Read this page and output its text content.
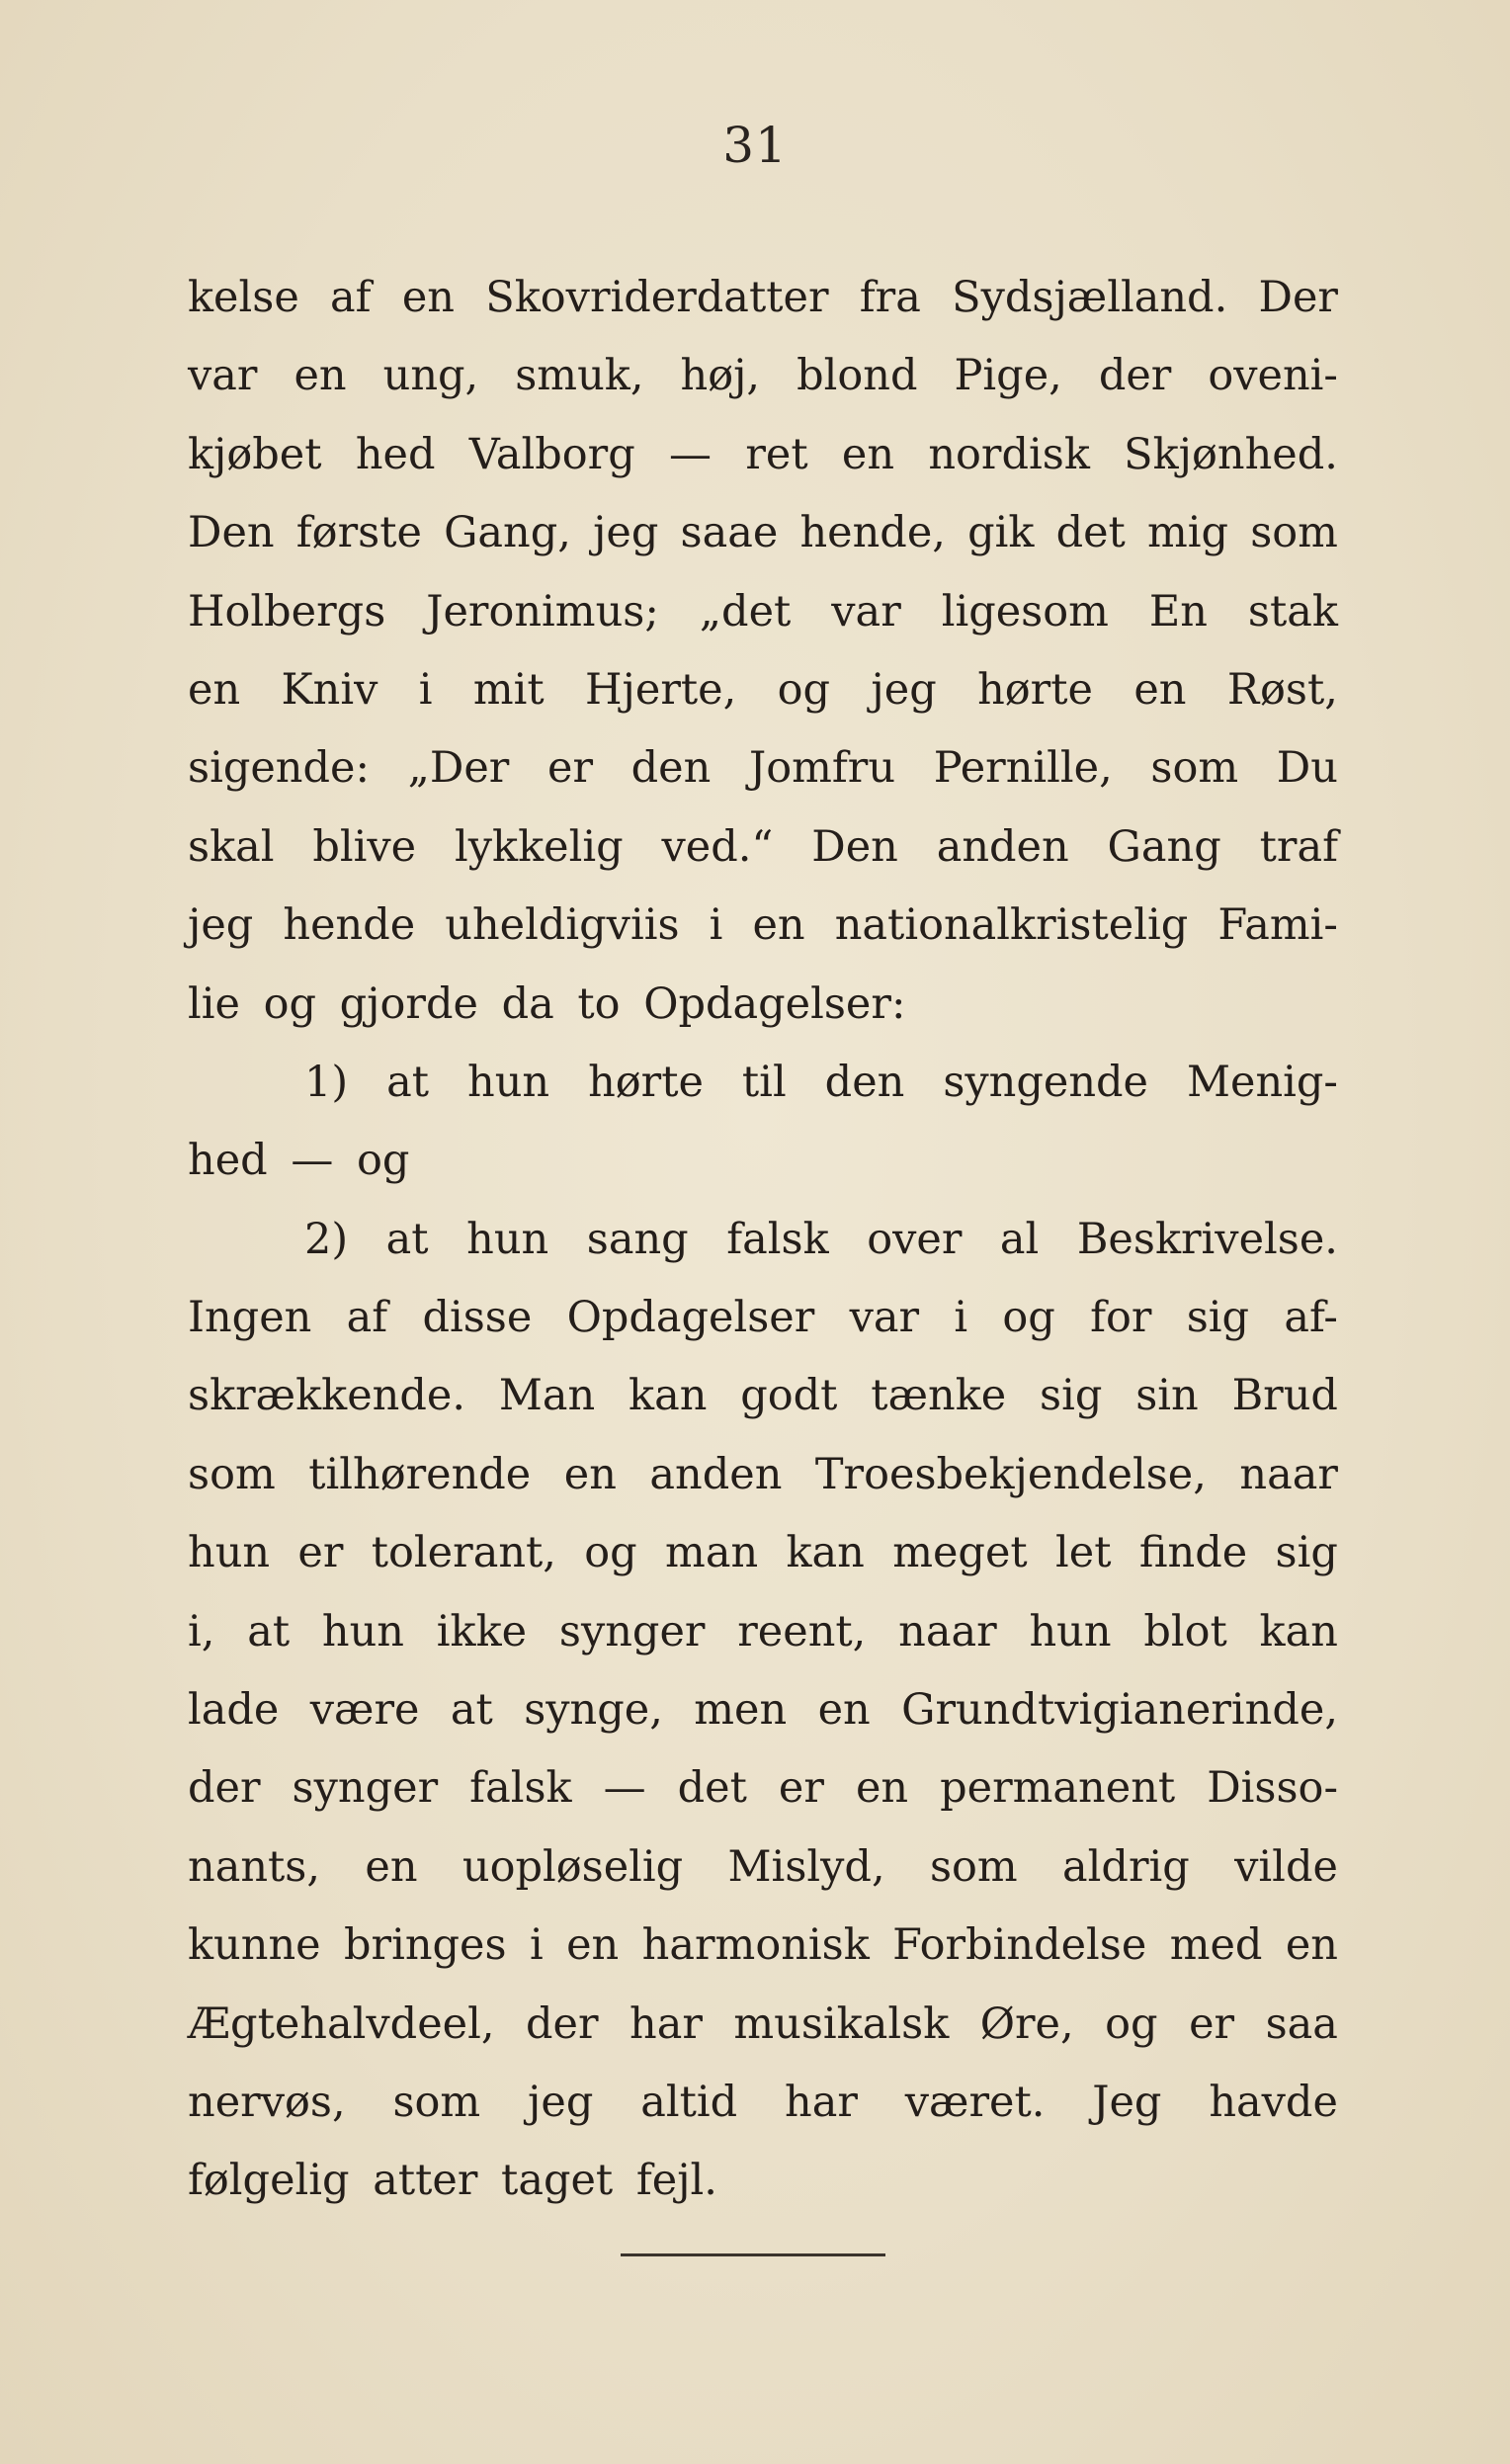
31
kelse af en Skovriderdatter fra Sydsjælland. Der
var en ung, smuk, høj, blond Pige, der oveni-
kjøbet hed Valborg — ret en nordisk Skjønhed.
Den første Gang, jeg saae hende, gik det mig som
Holbergs Jeronimus; „det var ligesom En stak
en Kniv i mit Hjerte, og jeg hørte en Røst,
sigende: „Der er den Jomfru Pernille, som Du
skal blive lykkelig ved.“ Den anden Gang traf
jeg hende uheldigviis i en nationalkristelig Fami-
lie og gjorde da to Opdagelser:
1) at hun hørte til den syngende Menig-
hed — og
2) at hun sang falsk over al Beskrivelse.
Ingen af disse Opdagelser var i og for sig af-
skrækkende. Man kan godt tænke sig sin Brud
som tilhørende en anden Troesbekjendelse, naar
hun er tolerant, og man kan meget let finde sig
i, at hun ikke synger reent, naar hun blot kan
lade være at synge, men en Grundtvigianerinde,
der synger falsk — det er en permanent Disso-
nants, en uopløselig Mislyd, som aldrig vilde
kunne bringes i en harmonisk Forbindelse med en
Ægtehalvdeel, der har musikalsk Øre, og er saa
nervøs, som jeg altid har været. Jeg havde
følgelig atter taget fejl.
